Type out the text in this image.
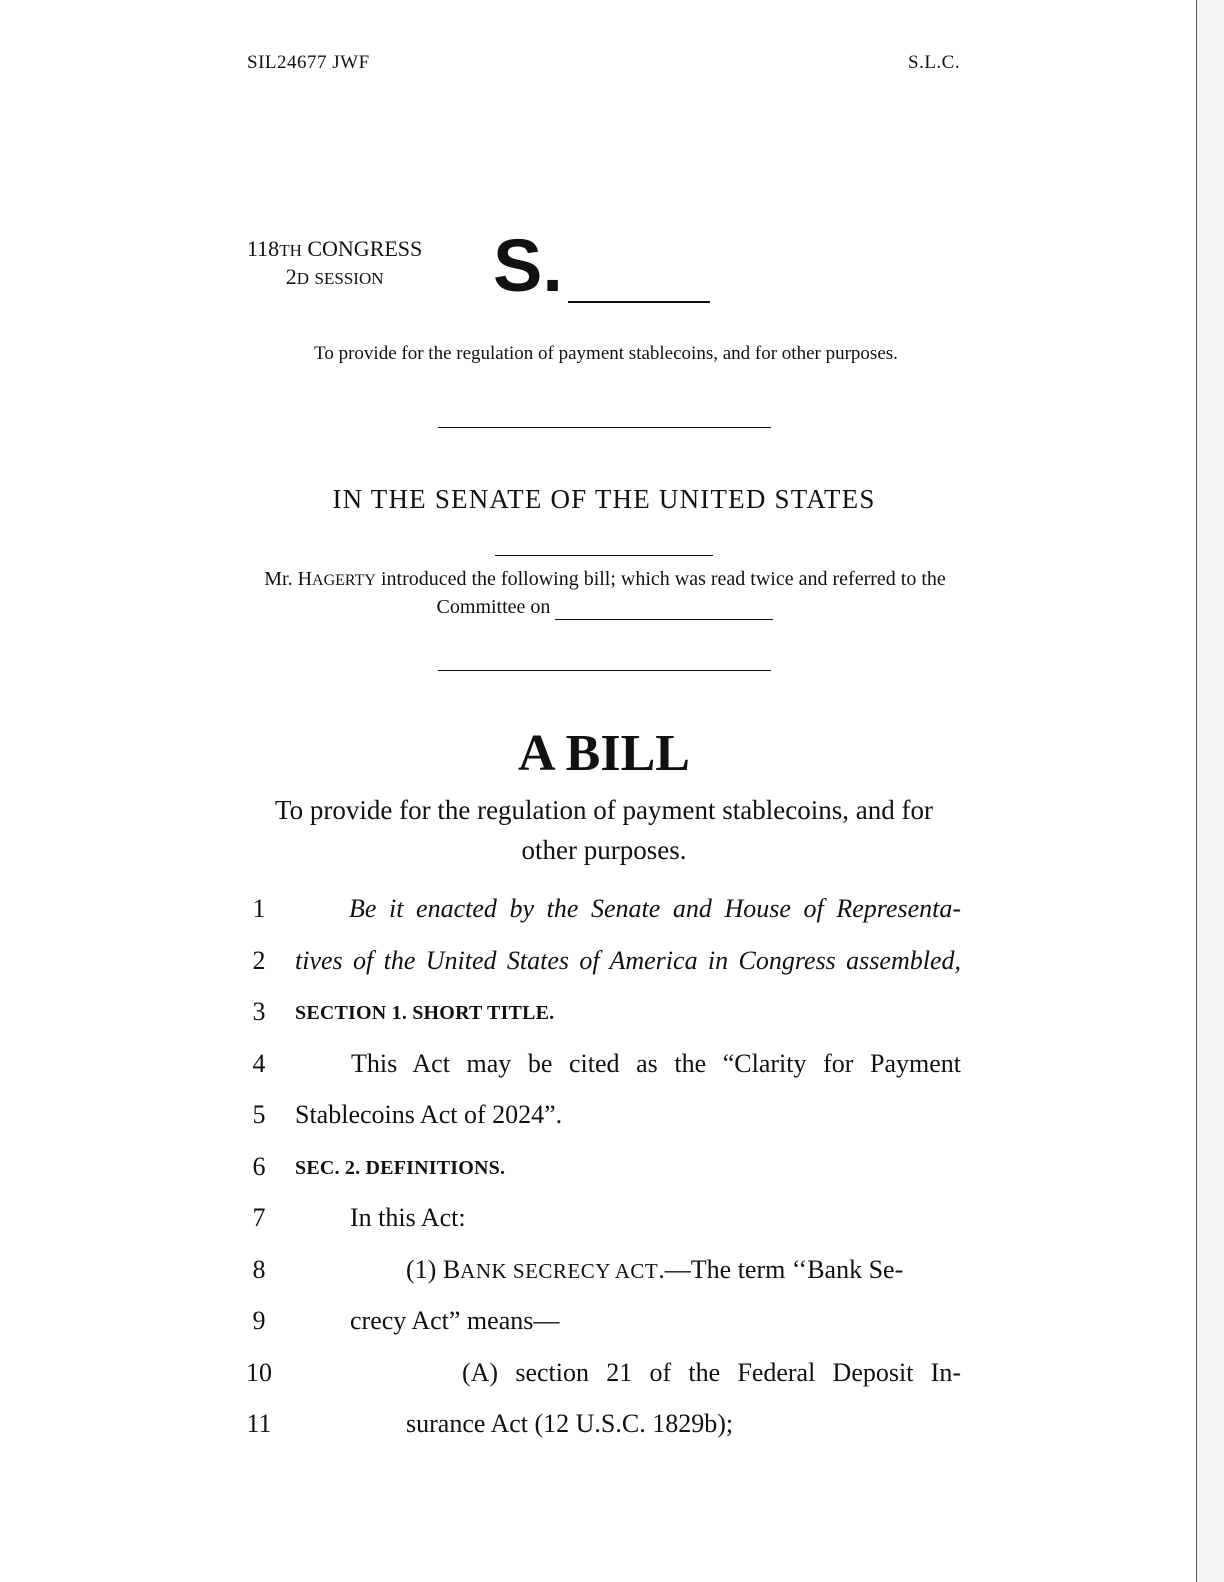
SIL24677 JWF	S.L.C.
118TH CONGRESS
2D SESSION	S.
To provide for the regulation of payment stablecoins, and for other purposes.
IN THE SENATE OF THE UNITED STATES
Mr. HAGERTY introduced the following bill; which was read twice and referred to the Committee on
A BILL
To provide for the regulation of payment stablecoins, and for other purposes.
1	Be it enacted by the Senate and House of Representa-
2	tives of the United States of America in Congress assembled,
3	SECTION 1. SHORT TITLE.
4	This Act may be cited as the “Clarity for Payment
5	Stablecoins Act of 2024”.
6	SEC. 2. DEFINITIONS.
7	In this Act:
8	(1) BANK SECRECY ACT.—The term ‘‘Bank Se-
9	crecy Act” means—
10	(A) section 21 of the Federal Deposit In-
11	surance Act (12 U.S.C. 1829b);
